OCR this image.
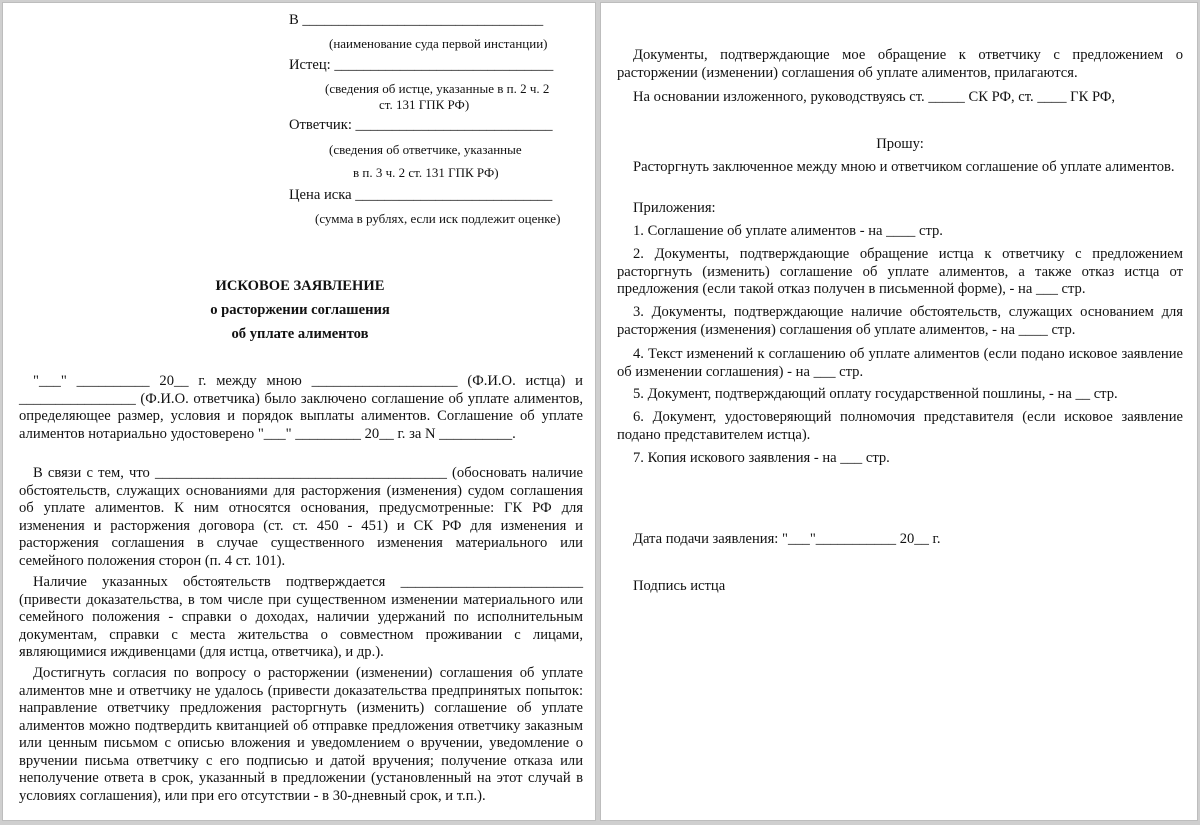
В _________________________________
(наименование суда первой инстанции)
Истец: ______________________________
(сведения об истце, указанные в п. 2 ч. 2
ст. 131 ГПК РФ)
Ответчик: ___________________________
(сведения об ответчике, указанные
в п. 3 ч. 2 ст. 131 ГПК РФ)
Цена иска ___________________________
(сумма в рублях, если иск подлежит оценке)
ИСКОВОЕ ЗАЯВЛЕНИЕ
о расторжении соглашения
об уплате алиментов
"___" __________ 20__ г. между мною ____________________ (Ф.И.О. истца) и ________________ (Ф.И.О. ответчика) было заключено соглашение об уплате алиментов, определяющее размер, условия и порядок выплаты алиментов. Соглашение об уплате алиментов нотариально удостоверено "___" _________ 20__ г. за N __________.
В связи с тем, что ________________________________________ (обосновать наличие обстоятельств, служащих основаниями для расторжения (изменения) судом соглашения об уплате алиментов. К ним относятся основания, предусмотренные: ГК РФ для изменения и расторжения договора (ст. ст. 450 - 451) и СК РФ для изменения и расторжения соглашения в случае существенного изменения материального или семейного положения сторон (п. 4 ст. 101).
Наличие указанных обстоятельств подтверждается _________________________ (привести доказательства, в том числе при существенном изменении материального или семейного положения - справки о доходах, наличии удержаний по исполнительным документам, справки с места жительства о совместном проживании с лицами, являющимися иждивенцами (для истца, ответчика), и др.).
Достигнуть согласия по вопросу о расторжении (изменении) соглашения об уплате алиментов мне и ответчику не удалось (привести доказательства предпринятых попыток: направление ответчику предложения расторгнуть (изменить) соглашение об уплате алиментов можно подтвердить квитанцией об отправке предложения ответчику заказным или ценным письмом с описью вложения и уведомлением о вручении, уведомление о вручении письма ответчику с его подписью и датой вручения; получение отказа или неполучение ответа в срок, указанный в предложении (установленный на этот случай в условиях соглашения), или при его отсутствии - в 30-дневный срок, и т.п.).
Документы, подтверждающие мое обращение к ответчику с предложением о расторжении (изменении) соглашения об уплате алиментов, прилагаются.
На основании изложенного, руководствуясь ст. _____ СК РФ, ст. ____ ГК РФ,
Прошу:
Расторгнуть заключенное между мною и ответчиком соглашение об уплате алиментов.
Приложения:
1. Соглашение об уплате алиментов - на ____ стр.
2. Документы, подтверждающие обращение истца к ответчику с предложением расторгнуть (изменить) соглашение об уплате алиментов, а также отказ истца от предложения (если такой отказ получен в письменной форме), - на ___ стр.
3. Документы, подтверждающие наличие обстоятельств, служащих основанием для расторжения (изменения) соглашения об уплате алиментов, - на ____ стр.
4. Текст изменений к соглашению об уплате алиментов (если подано исковое заявление об изменении соглашения) - на ___ стр.
5. Документ, подтверждающий оплату государственной пошлины, - на __ стр.
6. Документ, удостоверяющий полномочия представителя (если исковое заявление подано представителем истца).
7. Копия искового заявления - на ___ стр.
Дата подачи заявления: "___"___________ 20__ г.
Подпись истца
